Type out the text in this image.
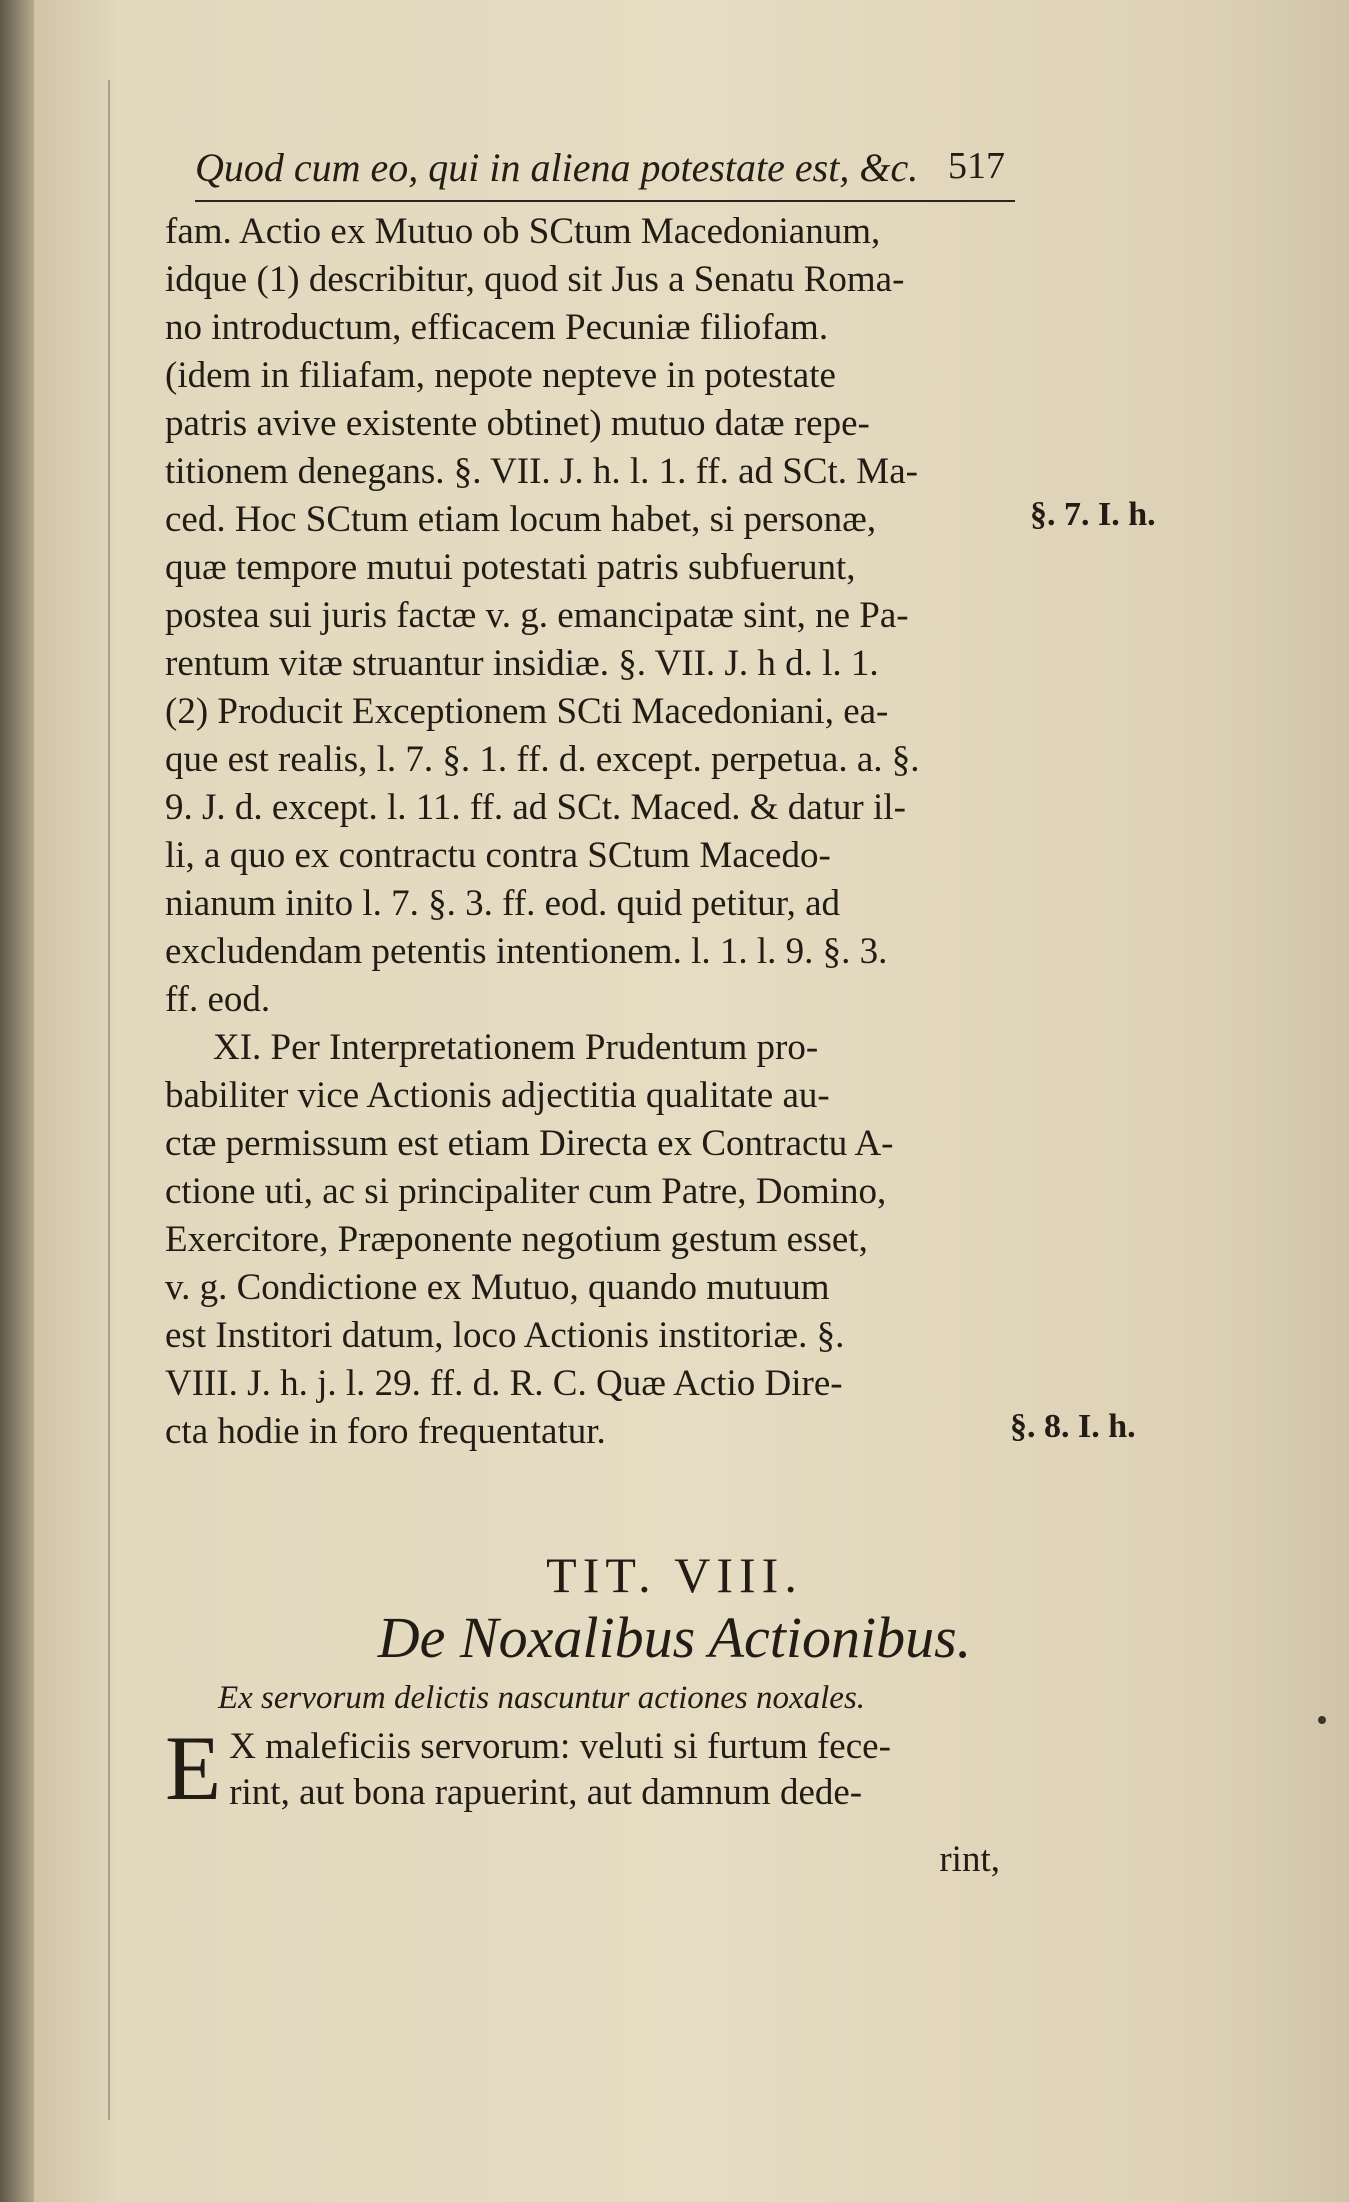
Quod cum eo, qui in aliena potestate est, &c. 517
fam. Actio ex Mutuo ob SCtum Macedonianum,
idque (1) describitur, quod sit Jus a Senatu Roma-
no introductum, efficacem Pecuniæ filiofam.
(idem in filiafam, nepote nepteve in potestate
patris avive existente obtinet) mutuo datæ repe-
titionem denegans. §. VII. J. h. l. 1. ff. ad SCt. Ma-
ced. Hoc SCtum etiam locum habet, si personæ,
quæ tempore mutui potestati patris subfuerunt,
postea sui juris factæ v. g. emancipatæ sint, ne Pa-
rentum vitæ struantur insidiæ. §. VII. J. h d. l. 1.
(2) Producit Exceptionem SCti Macedoniani, ea-
que est realis, l. 7. §. 1. ff. d. except. perpetua. a. §.
9. J. d. except. l. 11. ff. ad SCt. Maced. & datur il-
li, a quo ex contractu contra SCtum Macedo-
nianum inito l. 7. §. 3. ff. eod. quid petitur, ad
excludendam petentis intentionem. l. 1. l. 9. §. 3.
ff. eod.
XI. Per Interpretationem Prudentum pro-
babiliter vice Actionis adjectitia qualitate au-
ctæ permissum est etiam Directa ex Contractu A-
ctione uti, ac si principaliter cum Patre, Domino,
Exercitore, Præponente negotium gestum esset,
v. g. Condictione ex Mutuo, quando mutuum
est Institori datum, loco Actionis institoriæ. §.
VIII. J. h. j. l. 29. ff. d. R. C. Quæ Actio Dire-
cta hodie in foro frequentatur.
§. 7. I. h.
§. 8. I. h.
TIT. VIII.
De Noxalibus Actionibus.
Ex servorum delictis nascuntur actiones noxales.
E X maleficiis servorum: veluti si furtum fece-
rint, aut bona rapuerint, aut damnum dede-
rint,
